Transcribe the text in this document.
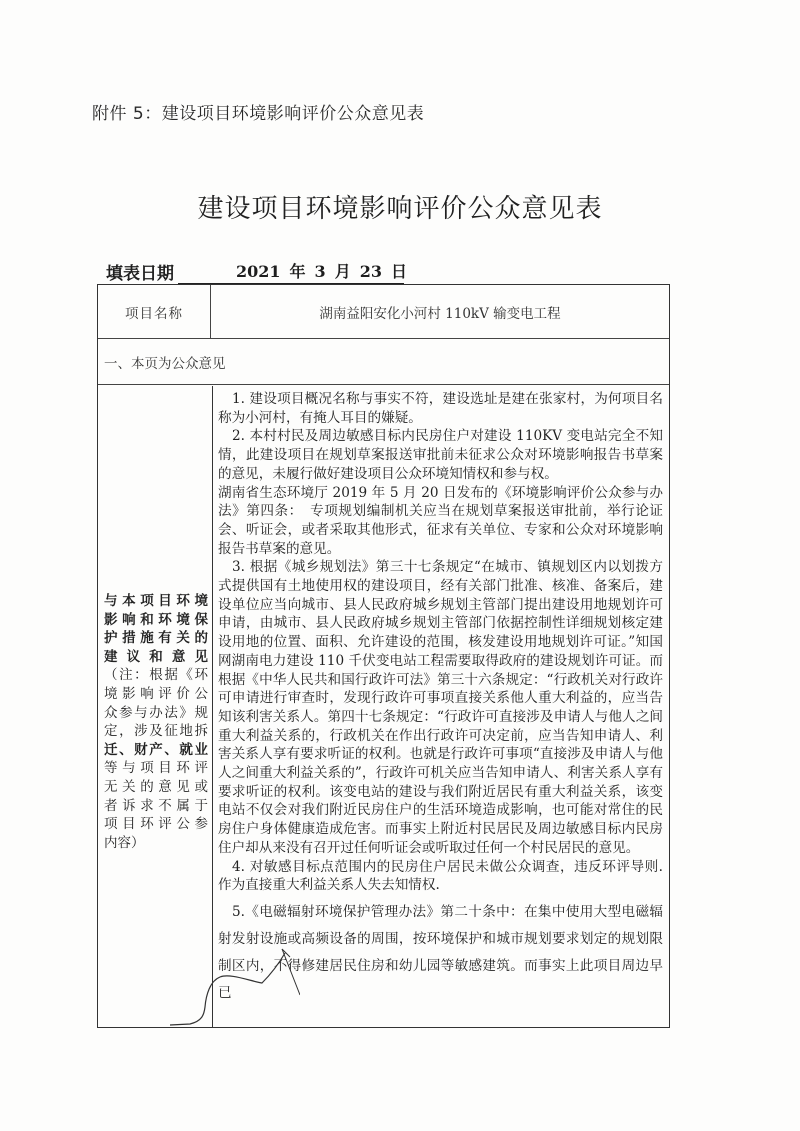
附件 5：建设项目环境影响评价公众意见表
建设项目环境影响评价公众意见表
填表日期	2021 年 3 月 23 日
项目名称	湖南益阳安化小河村 110kV 输变电工程
一、本页为公众意见
与本项目环境
影响和环境保
护措施有关的
建 议 和 意 见
（注：根据《环
境影响评价公
众参与办法》规
定，涉及征地拆
迁、财产、就业
等与项目环评
无关的意见或
者诉求不属于
项目环评公参
内容）

1. 建设项目概况名称与事实不符，建设选址是建在张家村，为何项目名称为小河村，有掩人耳目的嫌疑。

2. 本村村民及周边敏感目标内民房住户对建设 110KV 变电站完全不知情，此建设项目在规划草案报送审批前未征求公众对环境影响报告书草案的意见，未履行做好建设项目公众环境知情权和参与权。

湖南省生态环境厅 2019 年 5 月 20 日发布的《环境影响评价公众参与办法》第四条：　专项规划编制机关应当在规划草案报送审批前，举行论证会、听证会，或者采取其他形式，征求有关单位、专家和公众对环境影响报告书草案的意见。

3. 根据《城乡规划法》第三十七条规定“在城市、镇规划区内以划拨方式提供国有土地使用权的建设项目，经有关部门批准、核准、备案后，建设单位应当向城市、县人民政府城乡规划主管部门提出建设用地规划许可申请，由城市、县人民政府城乡规划主管部门依据控制性详细规划核定建设用地的位置、面积、允许建设的范围，核发建设用地规划许可证。”知国网湖南电力建设 110 千伏变电站工程需要取得政府的建设规划许可证。而根据《中华人民共和国行政许可法》第三十六条规定：“行政机关对行政许可申请进行审查时，发现行政许可事项直接关系他人重大利益的，应当告知该利害关系人。第四十七条规定：“行政许可直接涉及申请人与他人之间重大利益关系的，行政机关在作出行政许可决定前，应当告知申请人、利害关系人享有要求听证的权利。也就是行政许可事项“直接涉及申请人与他人之间重大利益关系的”，行政许可机关应当告知申请人、利害关系人享有要求听证的权利。该变电站的建设与我们附近居民有重大利益关系，该变电站不仅会对我们附近民房住户的生活环境造成影响，也可能对常住的民房住户身体健康造成危害。而事实上附近村民居民及周边敏感目标内民房住户却从来没有召开过任何听证会或听取过任何一个村民居民的意见。

4. 对敏感目标点范围内的民房住户居民未做公众调查，违反环评导则. 作为直接重大利益关系人失去知情权.

5.《电磁辐射环境保护管理办法》第二十条中：在集中使用大型电磁辐射发射设施或高频设备的周围，按环境保护和城市规划要求划定的规划限制区内，不得修建居民住房和幼儿园等敏感建筑。而事实上此项目周边早已
